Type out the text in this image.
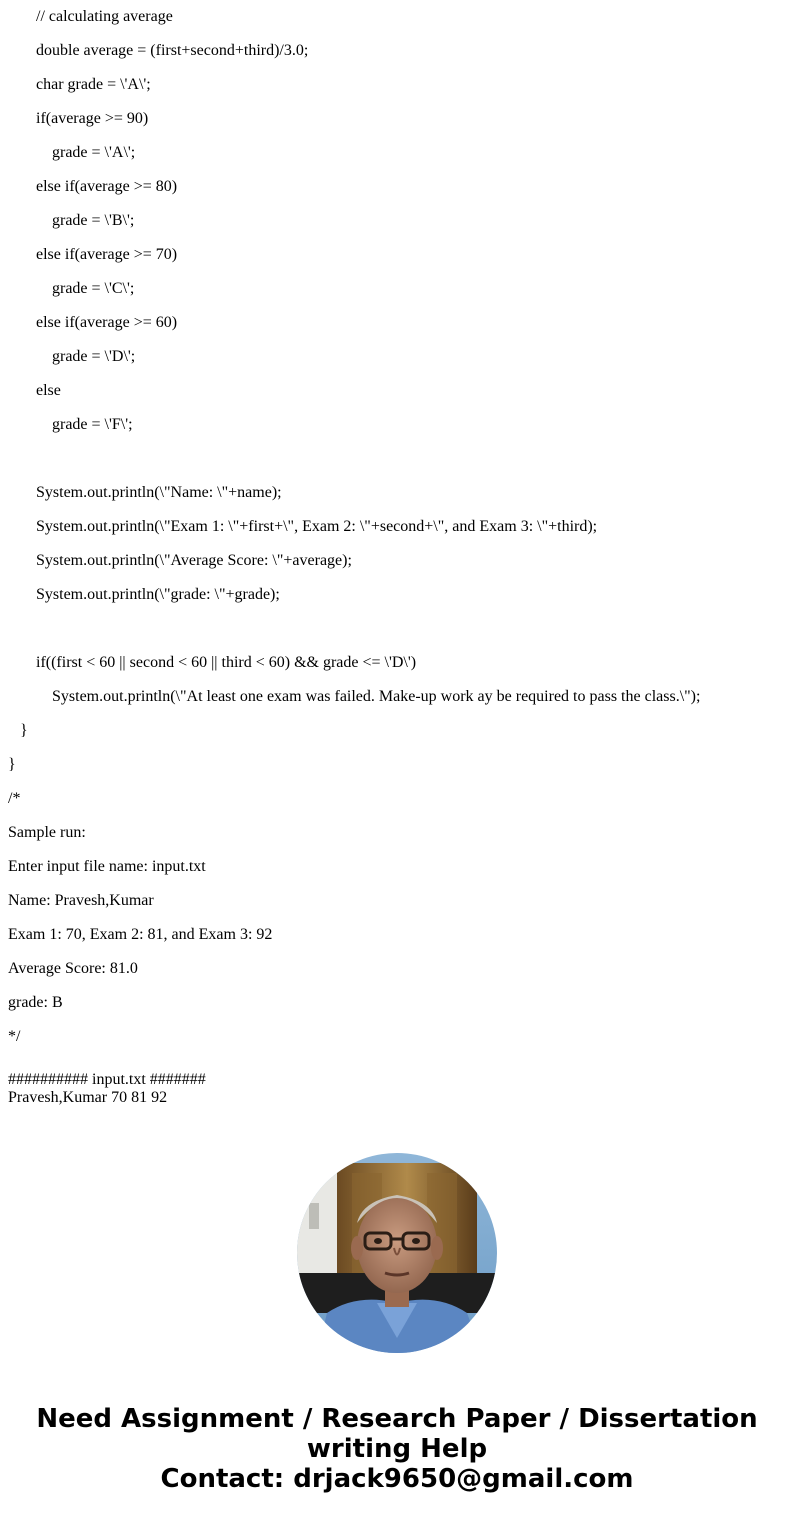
// calculating average
double average = (first+second+third)/3.0;
char grade = \'A\';
if(average >= 90)
grade = \'A\';
else if(average >= 80)
grade = \'B\';
else if(average >= 70)
grade = \'C\';
else if(average >= 60)
grade = \'D\';
else
grade = \'F\';
System.out.println(\"Name: \"+name);
System.out.println(\"Exam 1: \"+first+\", Exam 2: \"+second+\", and Exam 3: \"+third);
System.out.println(\"Average Score: \"+average);
System.out.println(\"grade: \"+grade);
if((first < 60 || second < 60 || third < 60) && grade <= \'D\')
System.out.println(\"At least one exam was failed. Make-up work ay be required to pass the class.\");
}
}
/*
Sample run:
Enter input file name: input.txt
Name: Pravesh,Kumar
Exam 1: 70, Exam 2: 81, and Exam 3: 92
Average Score: 81.0
grade: B
*/
########## input.txt #######
Pravesh,Kumar 70 81 92
Need Assignment / Research Paper / Dissertation
writing Help
Contact: drjack9650@gmail.com
